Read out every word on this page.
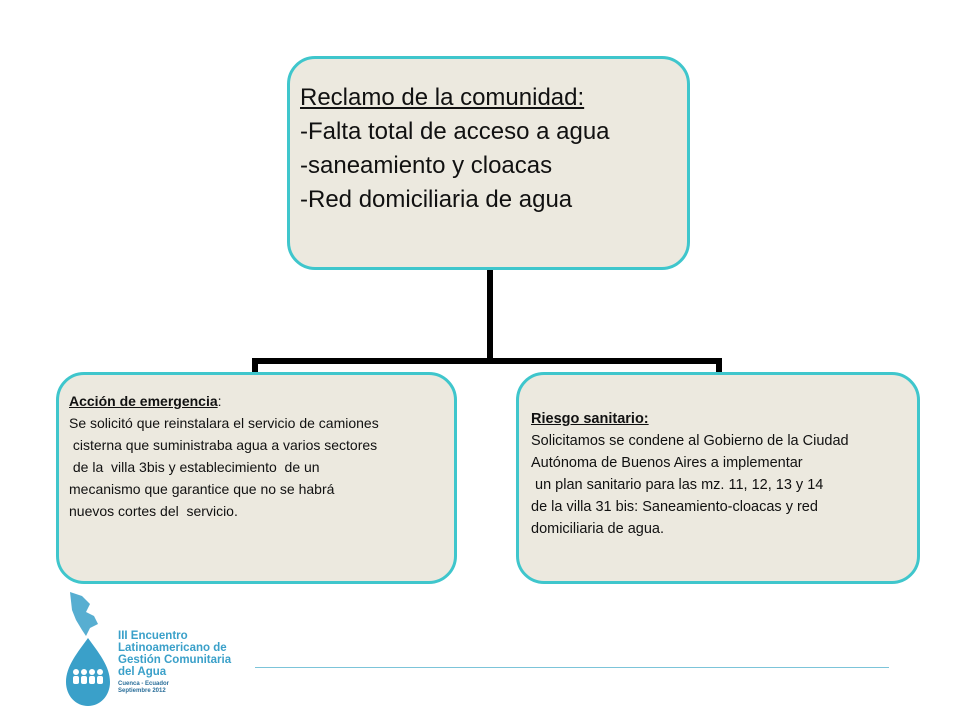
Reclamo de la comunidad:
-Falta total de acceso a agua
-saneamiento y cloacas
-Red domiciliaria de agua
Acción de emergencia:
Se solicitó que reinstalara el servicio de camiones
cisterna que suministraba agua a varios sectores
de la  villa 3bis y establecimiento  de un
mecanismo que garantice que no se habrá
nuevos cortes del  servicio.
Riesgo sanitario:
Solicitamos se condene al Gobierno de la Ciudad
Autónoma de Buenos Aires a implementar
un plan sanitario para las mz. 11, 12, 13 y 14
de la villa 31 bis: Saneamiento-cloacas y red
domiciliaria de agua.
III Encuentro
Latinoamericano de
Gestión Comunitaria
del Agua
Cuenca - Ecuador
Septiembre 2012
